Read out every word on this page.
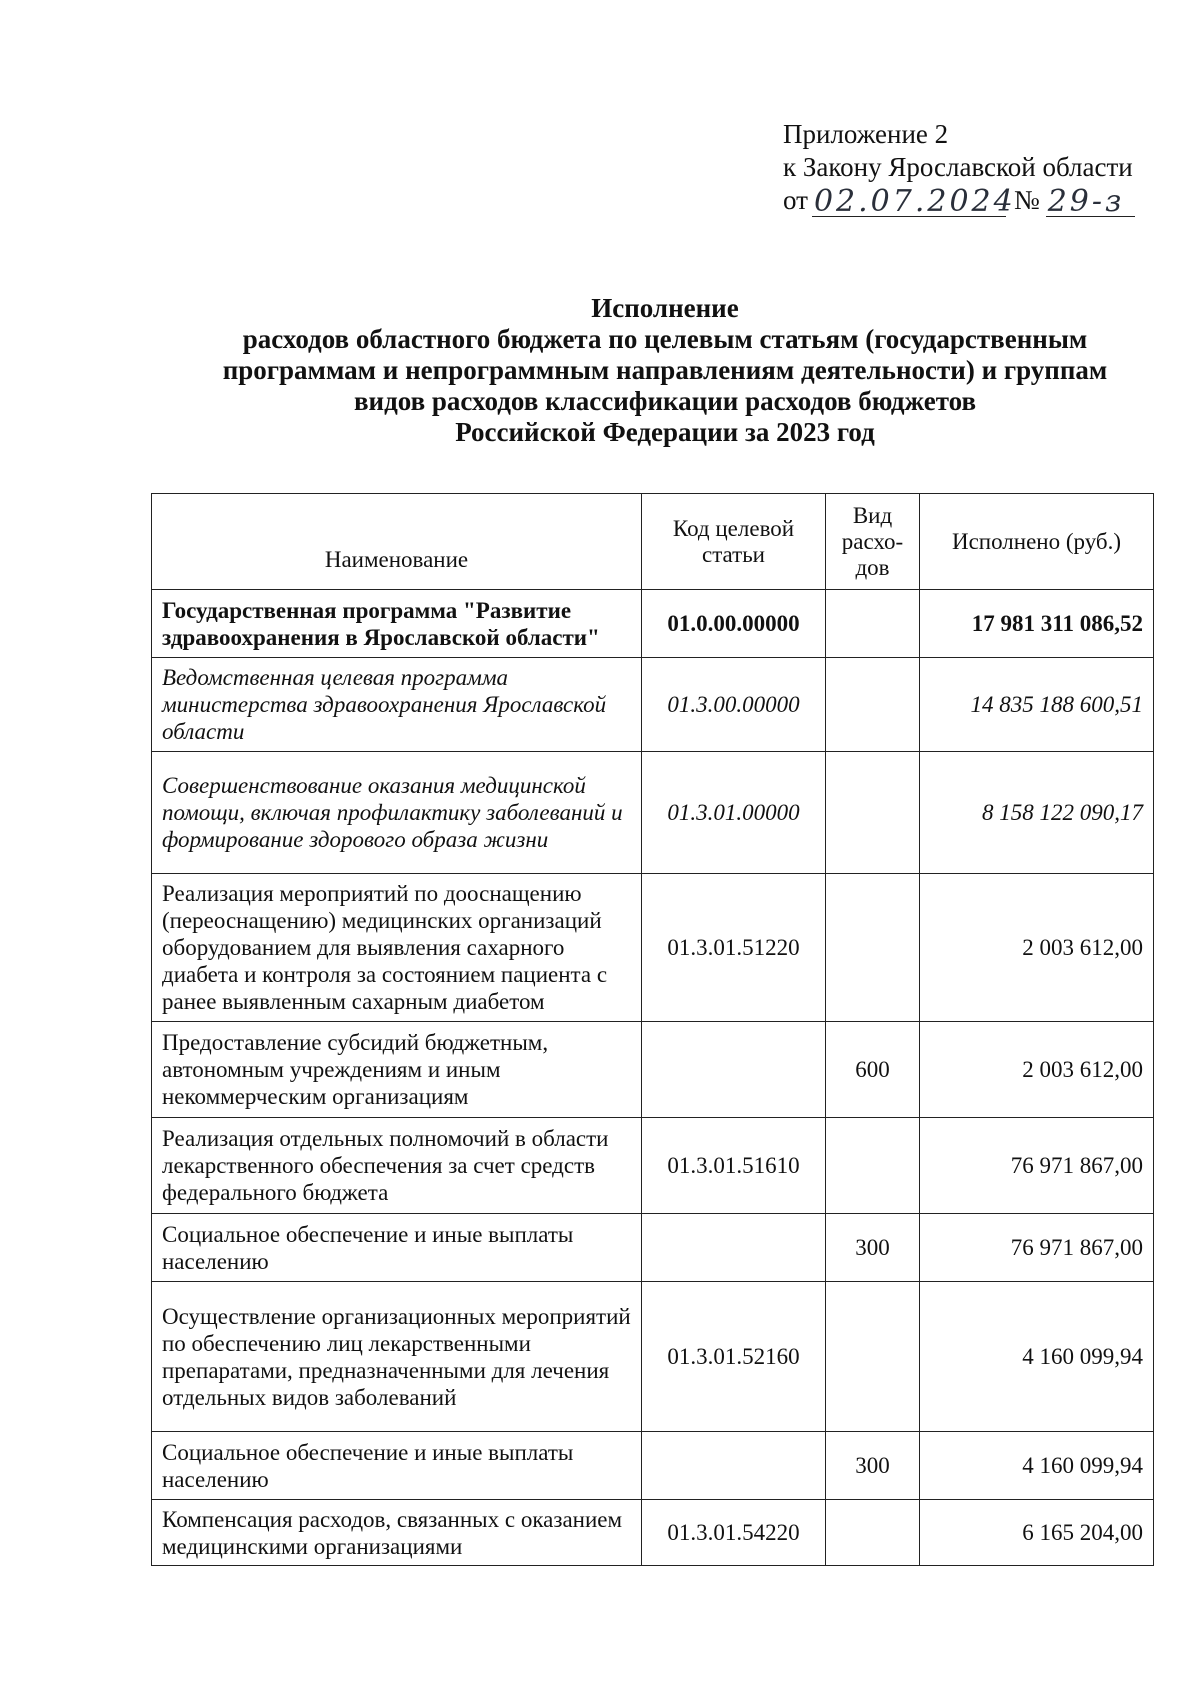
Приложение 2
к Закону Ярославской области
от 02.07.2024
№ 29-з
Исполнение
расходов областного бюджета по целевым статьям (государственным
программам и непрограммным направлениям деятельности) и группам
видов расходов классификации расходов бюджетов
Российской Федерации за 2023 год
Наименование	Код целевой статьи	Вид расхо-дов	Исполнено (руб.)
Государственная программа "Развитие здравоохранения в Ярославской области"	01.0.00.00000		17 981 311 086,52
Ведомственная целевая программа министерства здравоохранения Ярославской области	01.3.00.00000		14 835 188 600,51
Совершенствование оказания медицинской помощи, включая профилактику заболеваний и формирование здорового образа жизни	01.3.01.00000		8 158 122 090,17
Реализация мероприятий по дооснащению (переоснащению) медицинских организаций оборудованием для выявления сахарного диабета и контроля за состоянием пациента с ранее выявленным сахарным диабетом	01.3.01.51220		2 003 612,00
Предоставление субсидий бюджетным, автономным учреждениям и иным некоммерческим организациям		600	2 003 612,00
Реализация отдельных полномочий в области лекарственного обеспечения за счет средств федерального бюджета	01.3.01.51610		76 971 867,00
Социальное обеспечение и иные выплаты населению		300	76 971 867,00
Осуществление организационных мероприятий по обеспечению лиц лекарственными препаратами, предназначенными для лечения отдельных видов заболеваний	01.3.01.52160		4 160 099,94
Социальное обеспечение и иные выплаты населению		300	4 160 099,94
Компенсация расходов, связанных с оказанием медицинскими организациями	01.3.01.54220		6 165 204,00
